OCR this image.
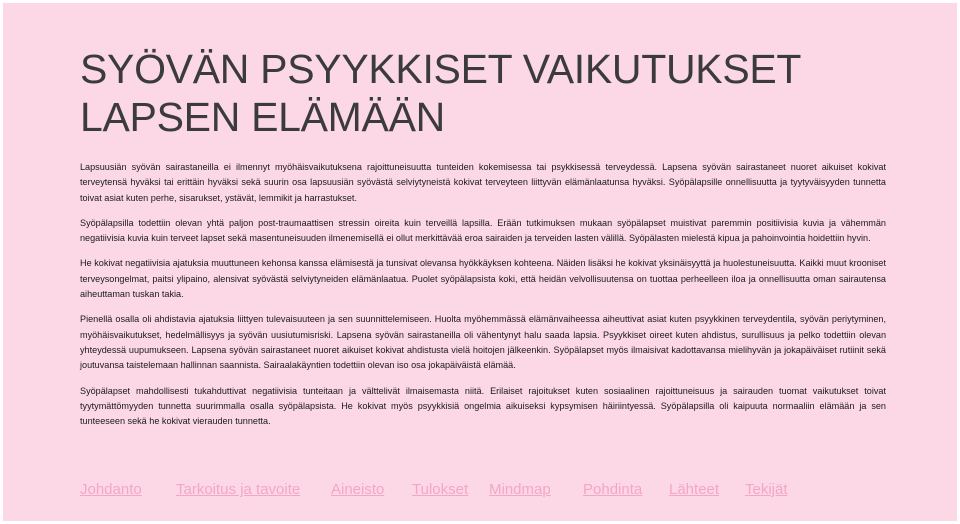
SYÖVÄN PSYYKKISET VAIKUTUKSET
LAPSEN ELÄMÄÄN

Lapsuusiän syövän sairastaneilla ei ilmennyt myöhäisvaikutuksena rajoittuneisuutta tunteiden kokemisessa tai psykkisessä terveydessä. Lapsena syövän sairastaneet nuoret aikuiset kokivat terveytensä hyväksi tai erittäin hyväksi sekä suurin osa lapsuusiän syövästä selviytyneistä kokivat terveyteen liittyvän elämänlaatunsa hyväksi. Syöpälapsille onnellisuutta ja tyytyväisyyden tunnetta toivat asiat kuten perhe, sisarukset, ystävät, lemmikit ja harrastukset.

Syöpälapsilla todettiin olevan yhtä paljon post-traumaattisen stressin oireita kuin terveillä lapsilla. Erään tutkimuksen mukaan syöpälapset muistivat paremmin positiivisia kuvia ja vähemmän negatiivisia kuvia kuin terveet lapset sekä masentuneisuuden ilmenemisellä ei ollut merkittävää eroa sairaiden ja terveiden lasten välillä. Syöpälasten mielestä kipua ja pahoinvointia hoidettiin hyvin.

He kokivat negatiivisia ajatuksia muuttuneen kehonsa kanssa elämisestä ja tunsivat olevansa hyökkäyksen kohteena. Näiden lisäksi he kokivat yksinäisyyttä ja huolestuneisuutta. Kaikki muut krooniset terveysongelmat, paitsi ylipaino, alensivat syövästä selviytyneiden elämänlaatua. Puolet syöpälapsista koki, että heidän velvollisuutensa on tuottaa perheelleen iloa ja onnellisuutta oman sairautensa aiheuttaman tuskan takia.

Pienellä osalla oli ahdistavia ajatuksia liittyen tulevaisuuteen ja sen suunnittelemiseen. Huolta myöhemmässä elämänvaiheessa aiheuttivat asiat kuten psyykkinen terveydentila, syövän periytyminen, myöhäisvaikutukset, hedelmällisyys ja syövän uusiutumisriski. Lapsena syövän sairastaneilla oli vähentynyt halu saada lapsia. Psyykkiset oireet kuten ahdistus, surullisuus ja pelko todettiin olevan yhteydessä uupumukseen. Lapsena syövän sairastaneet nuoret aikuiset kokivat ahdistusta vielä hoitojen jälkeenkin. Syöpälapset myös ilmaisivat kadottavansa mielihyvän ja jokapäiväiset rutiinit sekä joutuvansa taistelemaan hallinnan saannista. Sairaalakäyntien todettiin olevan iso osa jokapäiväistä elämää.

Syöpälapset mahdollisesti tukahduttivat negatiivisia tunteitaan ja välttelivät ilmaisemasta niitä. Erilaiset rajoitukset kuten sosiaalinen rajoittuneisuus ja sairauden tuomat vaikutukset toivat tyytymättömyyden tunnetta suurimmalla osalla syöpälapsista. He kokivat myös psyykkisiä ongelmia aikuiseksi kypsymisen häiriintyessä. Syöpälapsilla oli kaipuuta normaaliin elämään ja sen tunteeseen sekä he kokivat vierauden tunnetta.

Johdanto Tarkoitus ja tavoite Aineisto Tulokset Mindmap Pohdinta Lähteet Tekijät
